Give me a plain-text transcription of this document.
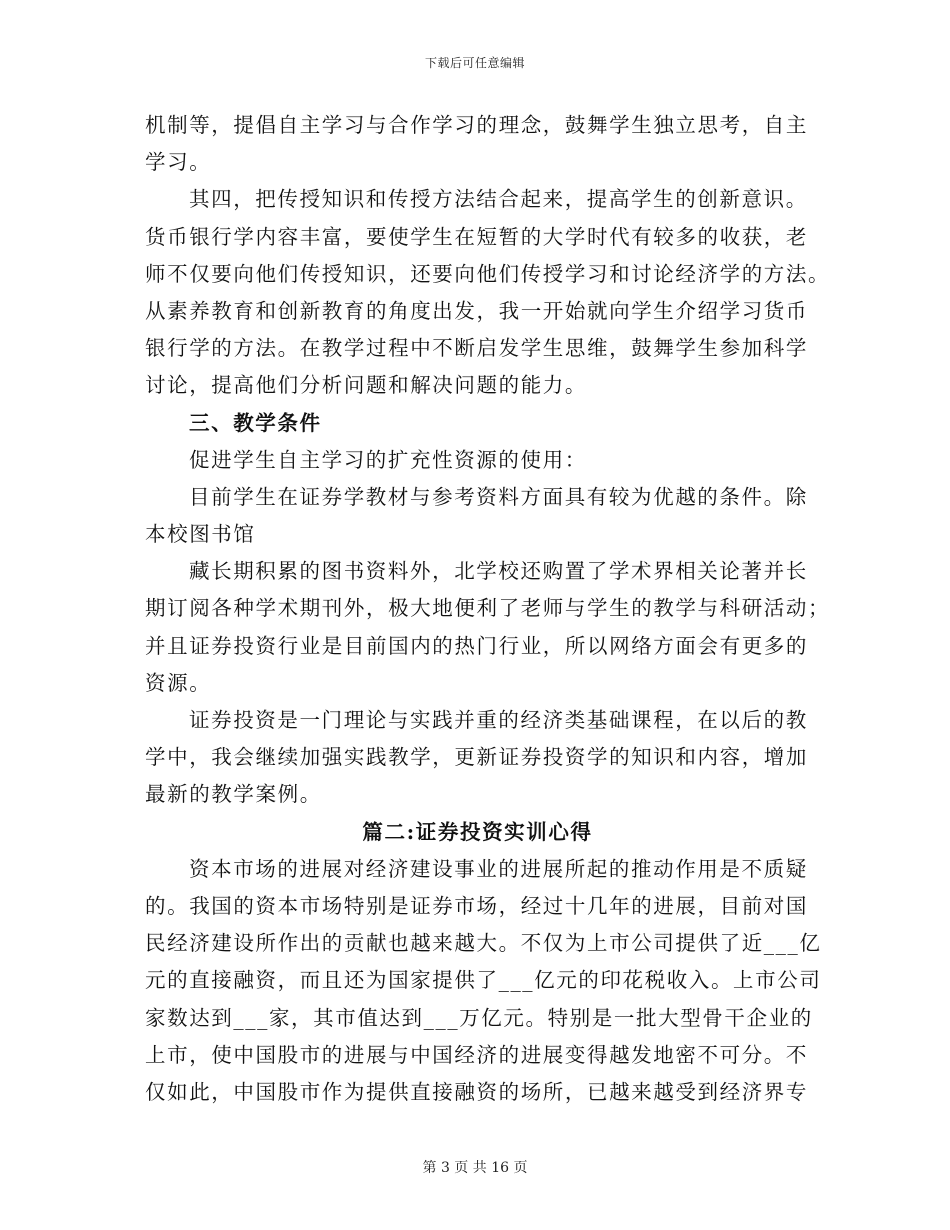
下载后可任意编辑
机制等，提倡自主学习与合作学习的理念，鼓舞学生独立思考，自主
学习。
其四，把传授知识和传授方法结合起来，提高学生的创新意识。
货币银行学内容丰富，要使学生在短暂的大学时代有较多的收获，老
师不仅要向他们传授知识，还要向他们传授学习和讨论经济学的方法。
从素养教育和创新教育的角度出发，我一开始就向学生介绍学习货币
银行学的方法。在教学过程中不断启发学生思维，鼓舞学生参加科学
讨论，提高他们分析问题和解决问题的能力。
三、教学条件
促进学生自主学习的扩充性资源的使用：
目前学生在证券学教材与参考资料方面具有较为优越的条件。除
本校图书馆
藏长期积累的图书资料外，北学校还购置了学术界相关论著并长
期订阅各种学术期刊外，极大地便利了老师与学生的教学与科研活动；
并且证券投资行业是目前国内的热门行业，所以网络方面会有更多的
资源。
证券投资是一门理论与实践并重的经济类基础课程，在以后的教
学中，我会继续加强实践教学，更新证券投资学的知识和内容，增加
最新的教学案例。
篇二:证券投资实训心得
资本市场的进展对经济建设事业的进展所起的推动作用是不质疑
的。我国的资本市场特别是证券市场，经过十几年的进展，目前对国
民经济建设所作出的贡献也越来越大。不仅为上市公司提供了近___亿
元的直接融资，而且还为国家提供了___亿元的印花税收入。上市公司
家数达到___家，其市值达到___万亿元。特别是一批大型骨干企业的
上市，使中国股市的进展与中国经济的进展变得越发地密不可分。不
仅如此，中国股市作为提供直接融资的场所，已越来越受到经济界专
第 3 页 共 16 页
